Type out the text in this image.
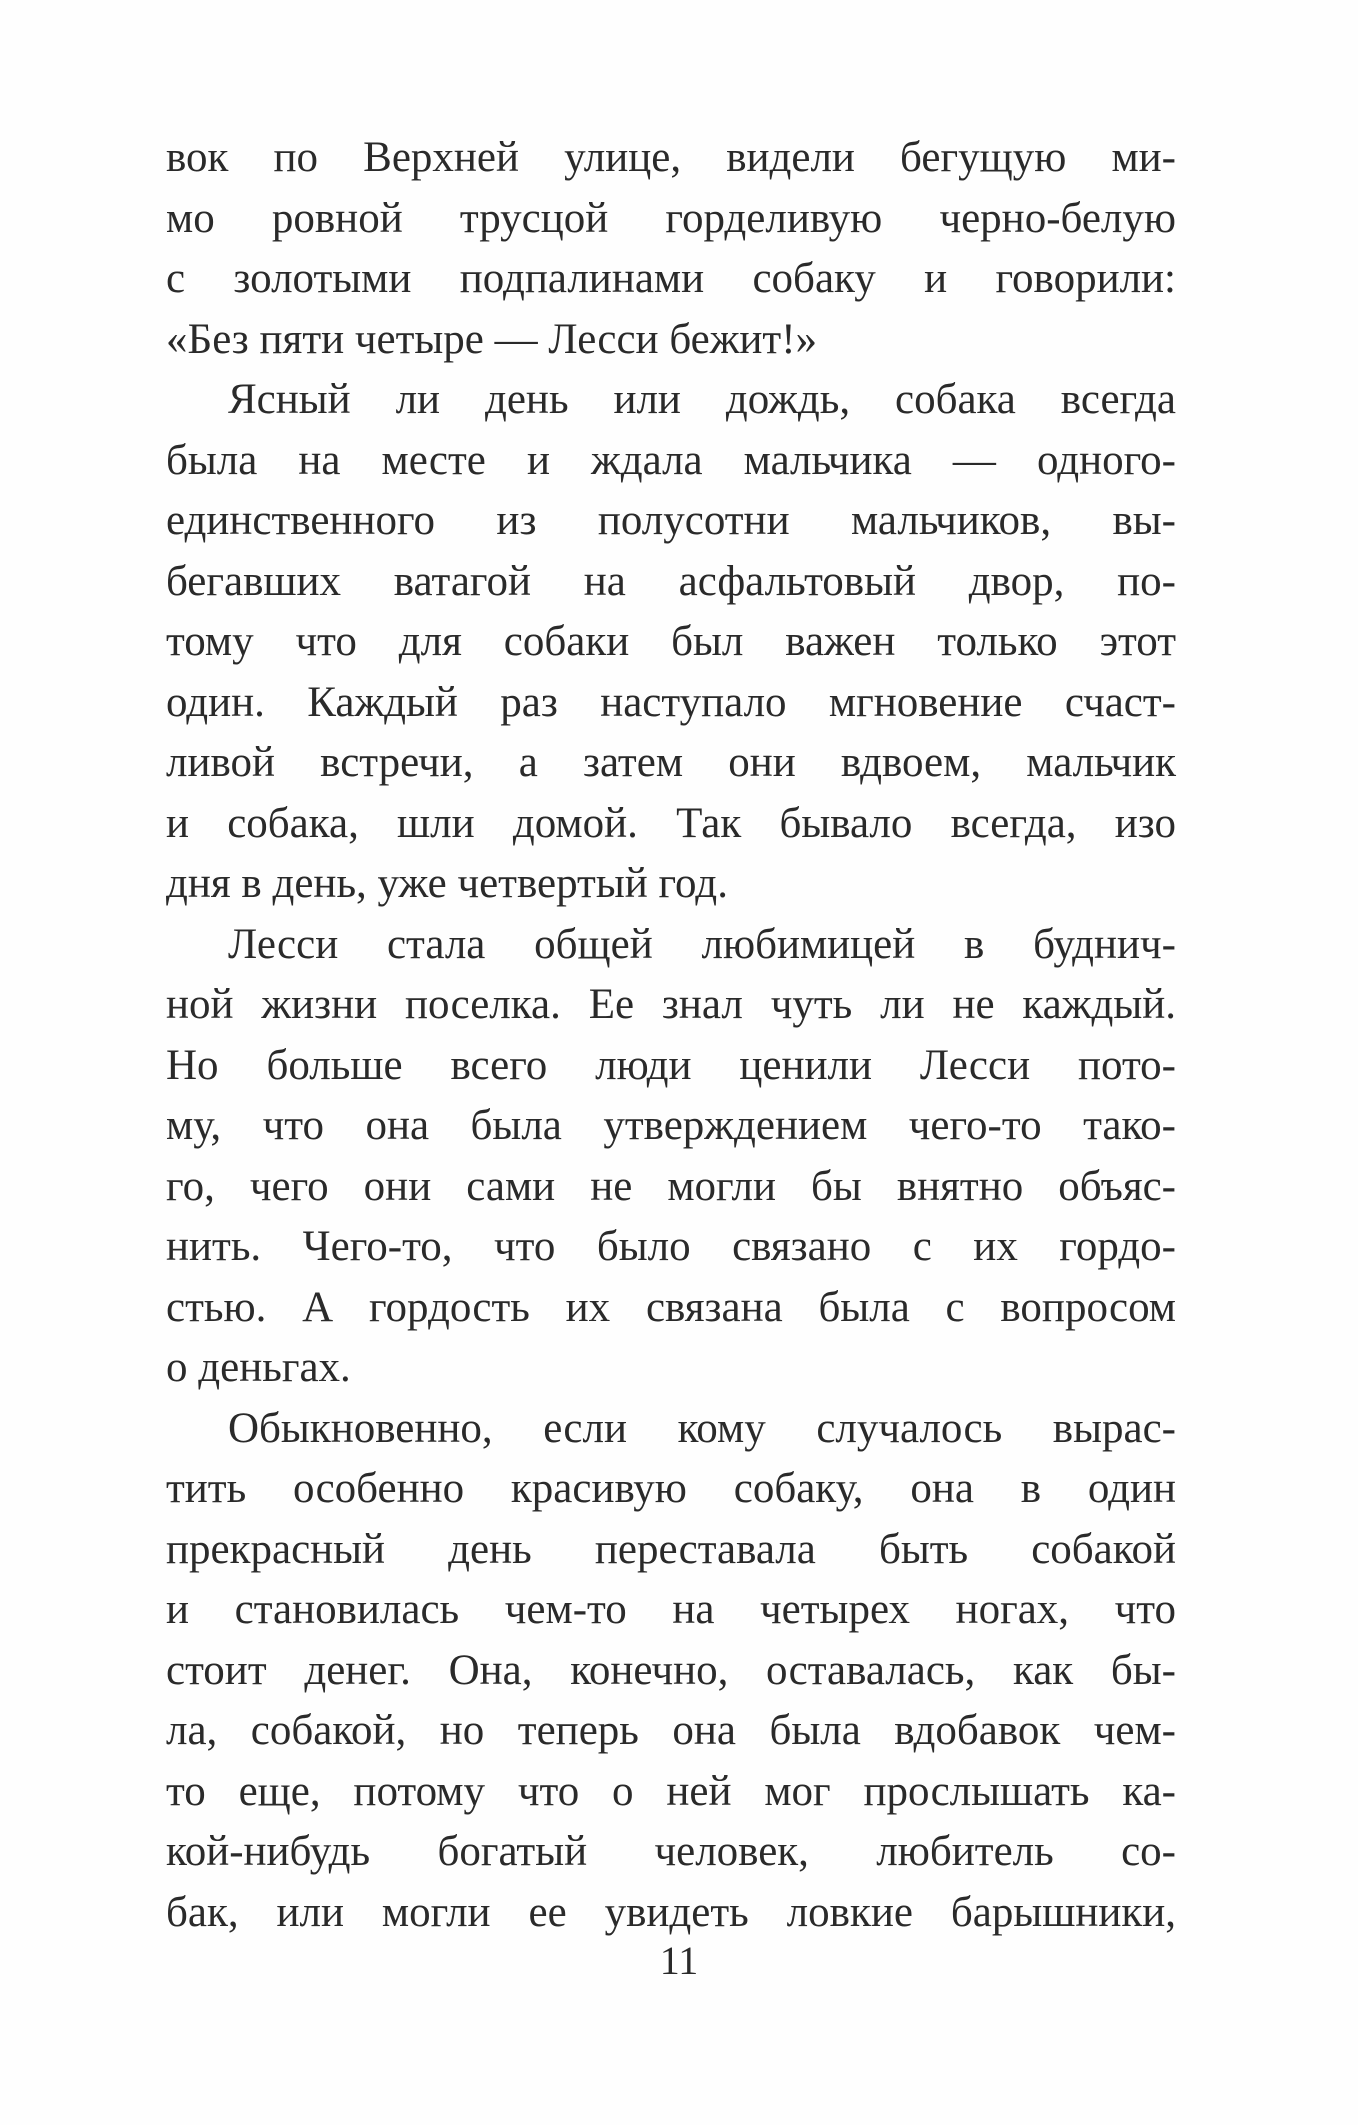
вок по Верхней улице, видели бегущую ми-
мо ровной трусцой горделивую черно-белую
с золотыми подпалинами собаку и говорили:
«Без пяти четыре — Лесси бежит!»
Ясный ли день или дождь, собака всегда
была на месте и ждала мальчика — одного-
единственного из полусотни мальчиков, вы-
бегавших ватагой на асфальтовый двор, по-
тому что для собаки был важен только этот
один. Каждый раз наступало мгновение счаст-
ливой встречи, а затем они вдвоем, мальчик
и собака, шли домой. Так бывало всегда, изо
дня в день, уже четвертый год.
Лесси стала общей любимицей в буднич-
ной жизни поселка. Ее знал чуть ли не каждый.
Но больше всего люди ценили Лесси пото-
му, что она была утверждением чего-то тако-
го, чего они сами не могли бы внятно объяс-
нить. Чего-то, что было связано с их гордо-
стью. А гордость их связана была с вопросом
о деньгах.
Обыкновенно, если кому случалось вырас-
тить особенно красивую собаку, она в один
прекрасный день переставала быть собакой
и становилась чем-то на четырех ногах, что
стоит денег. Она, конечно, оставалась, как бы-
ла, собакой, но теперь она была вдобавок чем-
то еще, потому что о ней мог прослышать ка-
кой-нибудь богатый человек, любитель со-
бак, или могли ее увидеть ловкие барышники,
11
